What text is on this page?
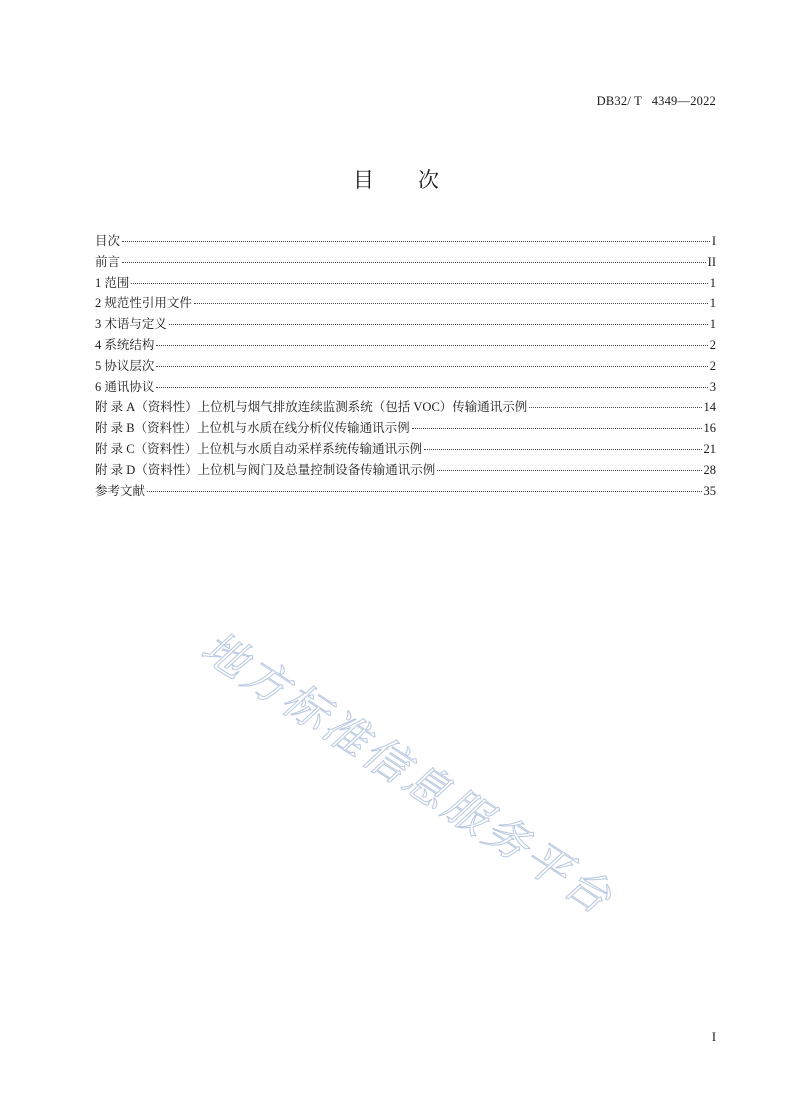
DB32/ T   4349—2022
目 次
目次	I
前言	II
1 范围	1
2 规范性引用文件	1
3 术语与定义	1
4 系统结构	2
5 协议层次	2
6 通讯协议	3
附 录 A（资料性）上位机与烟气排放连续监测系统（包括 VOC）传输通讯示例	14
附 录 B（资料性）上位机与水质在线分析仪传输通讯示例	16
附 录 C（资料性）上位机与水质自动采样系统传输通讯示例	21
附 录 D（资料性）上位机与阀门及总量控制设备传输通讯示例	28
参考文献	35
地方标准信息服务平台
I
